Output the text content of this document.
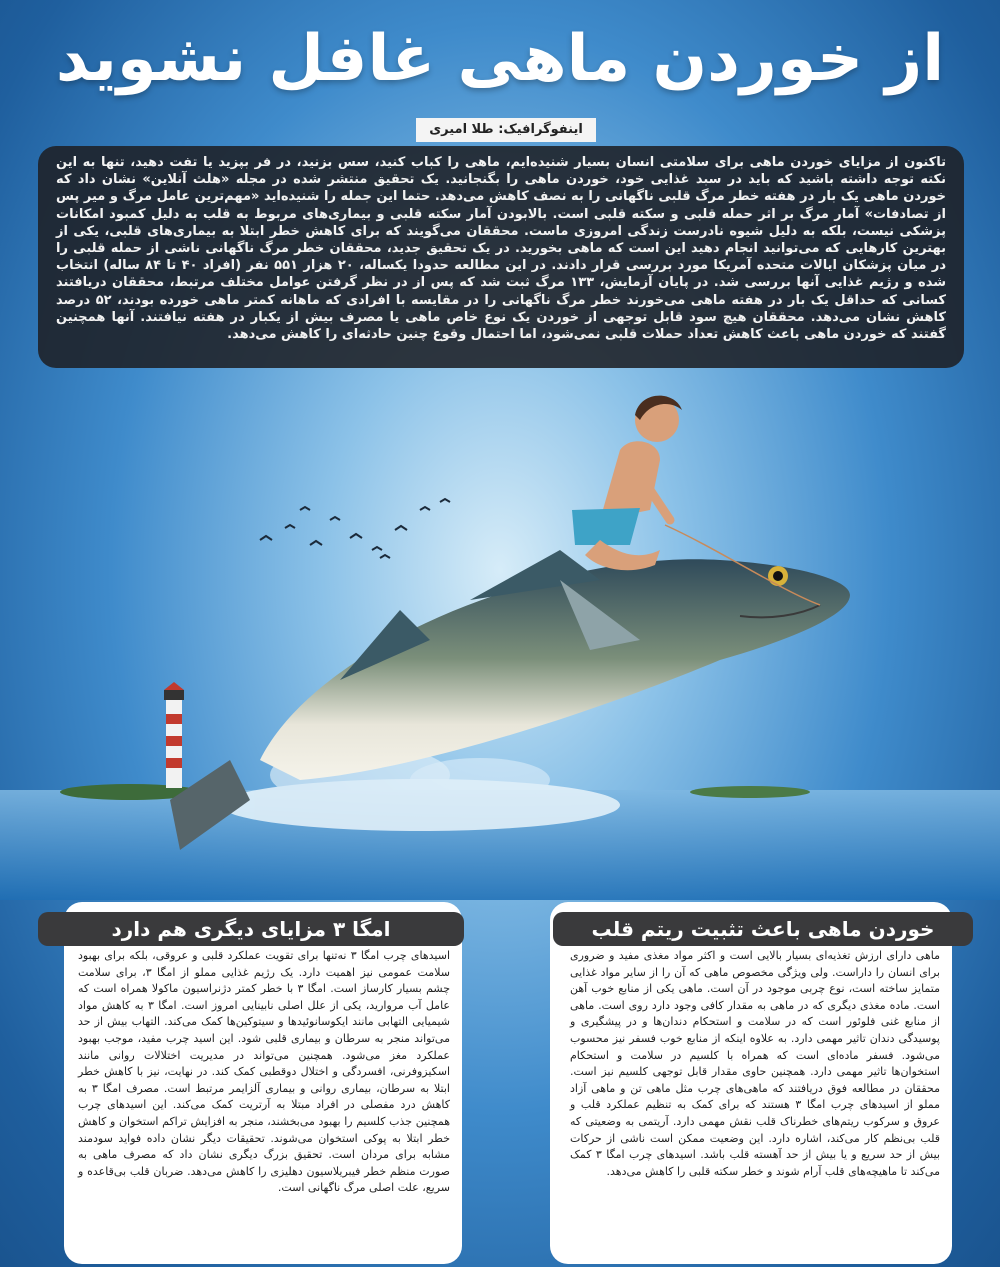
از خوردن ماهی غافل نشوید
اینفوگرافیک: طلا امیری
تاکنون از مزایای خوردن ماهی برای سلامتی انسان بسیار شنیده‌ایم، ماهی را کباب کنید، سس بزنید، در فر بپزید یا تفت دهید، تنها به این نکته توجه داشته باشید که باید در سبد غذایی خود، خوردن ماهی را بگنجانید. یک تحقیق منتشر شده در مجله «هلث آنلاین» نشان داد که خوردن ماهی یک بار در هفته خطر مرگ قلبی ناگهانی را به نصف کاهش می‌دهد. حتما این جمله را شنیده‌اید «مهم‌ترین عامل مرگ و میر پس از تصادفات» آمار مرگ بر اثر حمله قلبی و سکته قلبی است. بالابودن آمار سکته قلبی و بیماری‌های مربوط به قلب به دلیل کمبود امکانات پزشکی نیست، بلکه به دلیل شیوه نادرست زندگی امروزی ماست. محققان می‌گویند که برای کاهش خطر ابتلا به بیماری‌های قلبی، یکی از بهترین کارهایی که می‌توانید انجام دهید این است که ماهی بخورید. در یک تحقیق جدید، محققان خطر مرگ ناگهانی ناشی از حمله قلبی را در میان پزشکان ایالات متحده آمریکا مورد بررسی قرار دادند. در این مطالعه حدودا یکساله، ۲۰ هزار ۵۵۱ نفر (افراد ۴۰ تا ۸۴ ساله) انتخاب شده و رژیم غذایی آنها بررسی شد. در پایان آزمایش، ۱۳۳ مرگ ثبت شد که پس از در نظر گرفتن عوامل مختلف مرتبط، محققان دریافتند کسانی که حداقل یک بار در هفته ماهی می‌خورند خطر مرگ ناگهانی را در مقایسه با افرادی که ماهانه کمتر ماهی خورده بودند، ۵۲ درصد کاهش نشان می‌دهد. محققان هیچ سود قابل توجهی از خوردن یک نوع خاص ماهی یا مصرف بیش از یکبار در هفته نیافتند. آنها همچنین گفتند که خوردن ماهی باعث کاهش تعداد حملات قلبی نمی‌شود، اما احتمال وقوع چنین حادثه‌ای را کاهش می‌دهد.
امگا ۳ مزایای دیگری هم دارد
اسیدهای چرب امگا ۳ نه‌تنها برای تقویت عملکرد قلبی و عروقی، بلکه برای بهبود سلامت عمومی نیز اهمیت دارد. یک رژیم غذایی مملو از امگا ۳، برای سلامت چشم بسیار کارساز است. امگا ۳ با خطر کمتر دژنراسیون ماکولا همراه است که عامل آب مروارید، یکی از علل اصلی نابینایی امروز است. امگا ۳ به کاهش مواد شیمیایی التهابی مانند ایکوسانوئیدها و سیتوکین‌ها کمک می‌کند. التهاب بیش از حد می‌تواند منجر به سرطان و بیماری قلبی شود. این اسید چرب مفید، موجب بهبود عملکرد مغز می‌شود. همچنین می‌تواند در مدیریت اختلالات روانی مانند اسکیزوفرنی، افسردگی و اختلال دوقطبی کمک کند. در نهایت، نیز با کاهش خطر ابتلا به سرطان، بیماری روانی و بیماری آلزایمر مرتبط است. مصرف امگا ۳ به کاهش درد مفصلی در افراد مبتلا به آرتریت کمک می‌کند. این اسیدهای چرب همچنین جذب کلسیم را بهبود می‌بخشند، منجر به افزایش تراکم استخوان و کاهش خطر ابتلا به پوکی استخوان می‌شوند. تحقیقات دیگر نشان داده فواید سودمند مشابه برای مردان است. تحقیق بزرگ دیگری نشان داد که مصرف ماهی به صورت منظم خطر فیبریلاسیون دهلیزی را کاهش می‌دهد. ضربان قلب بی‌قاعده و سریع، علت اصلی مرگ ناگهانی است.
خوردن ماهی باعث تثبیت ریتم قلب
ماهی دارای ارزش تغذیه‌ای بسیار بالایی است و اکثر مواد مغذی مفید و ضروری برای انسان را داراست. ولی ویژگی مخصوص ماهی که آن را از سایر مواد غذایی متمایز ساخته است، نوع چربی موجود در آن است. ماهی یکی از منابع خوب آهن است. ماده مغذی دیگری که در ماهی به مقدار کافی وجود دارد روی است. ماهی از منابع غنی فلوئور است که در سلامت و استحکام دندان‌ها و در پیشگیری و پوسیدگی دندان تاثیر مهمی دارد. به علاوه اینکه از منابع خوب فسفر نیز محسوب می‌شود. فسفر ماده‌ای است که همراه با کلسیم در سلامت و استحکام استخوان‌ها تاثیر مهمی دارد. همچنین حاوی مقدار قابل توجهی کلسیم نیز است. محققان در مطالعه فوق دریافتند که ماهی‌های چرب مثل ماهی تن و ماهی آزاد مملو از اسیدهای چرب امگا ۳ هستند که برای کمک به تنظیم عملکرد قلب و عروق و سرکوب ریتم‌های خطرناک قلب نقش مهمی دارد. آریتمی به وضعیتی که قلب بی‌نظم کار می‌کند، اشاره دارد. این وضعیت ممکن است ناشی از حرکات بیش از حد سریع و یا بیش از حد آهسته قلب باشد. اسیدهای چرب امگا ۳ کمک می‌کند تا ماهیچه‌های قلب آرام شوند و خطر سکته قلبی را کاهش می‌دهد.
